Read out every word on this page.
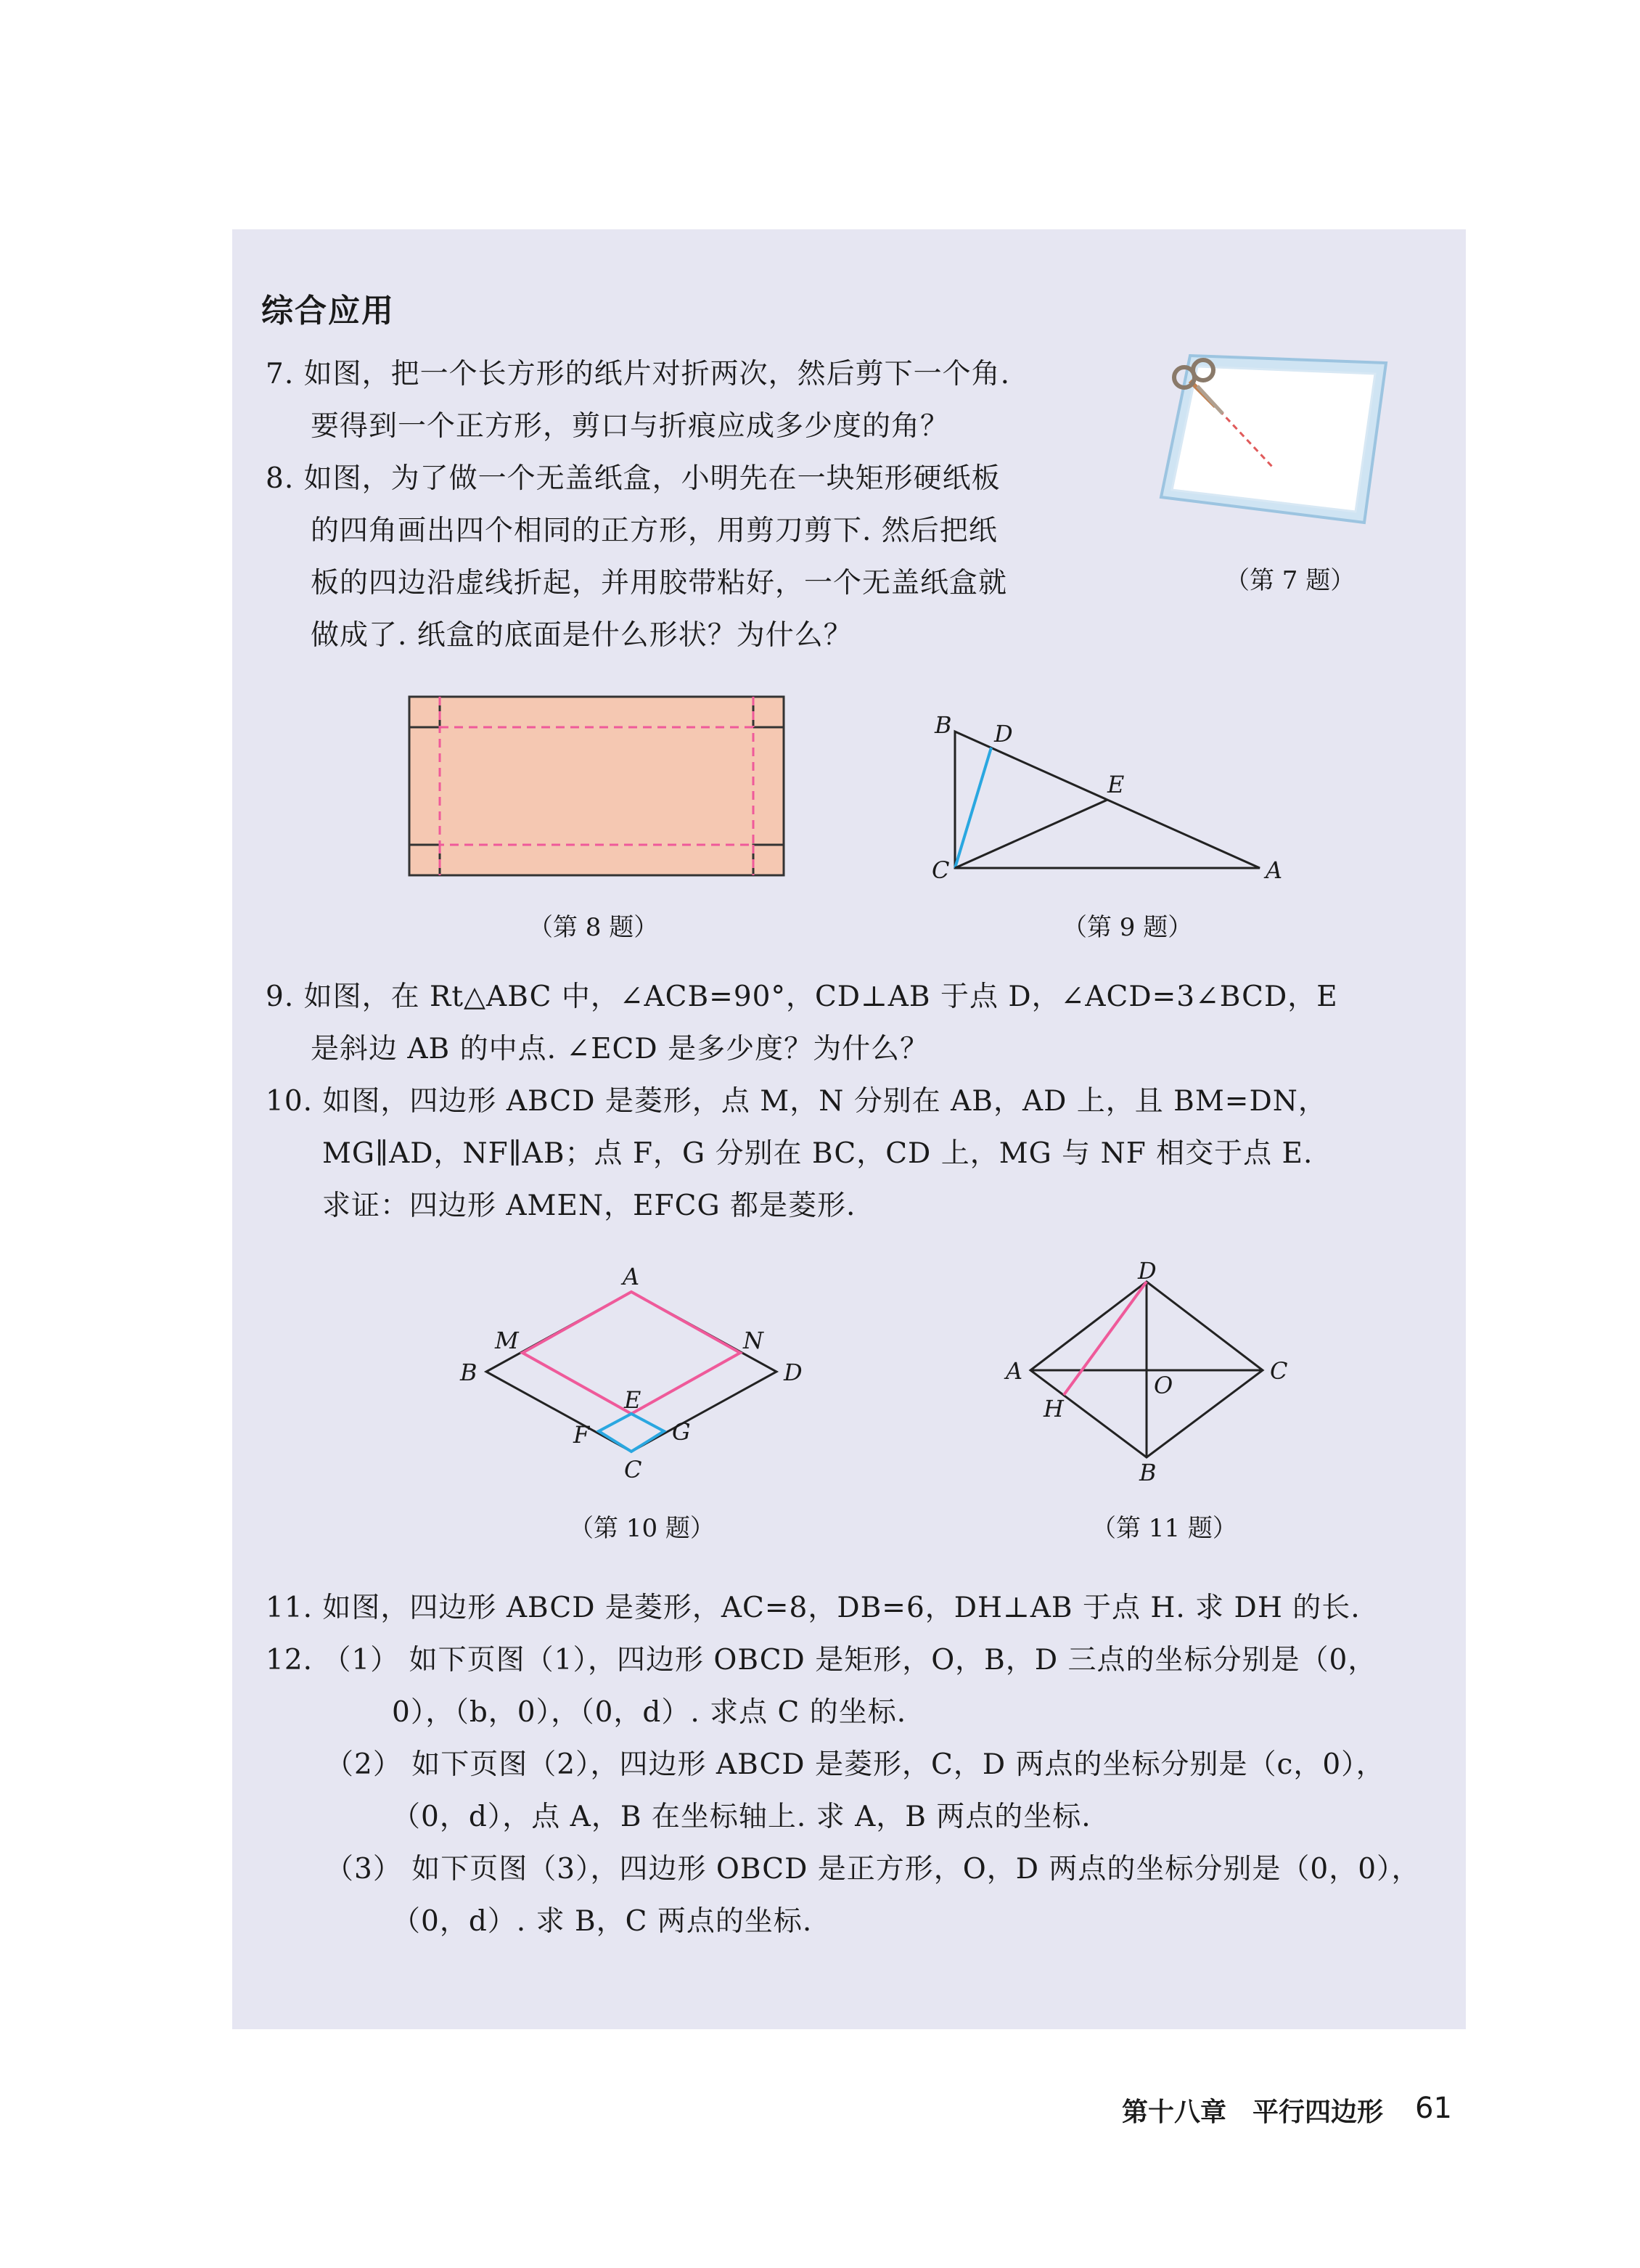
综合应用
7. 如图，把一个长方形的纸片对折两次，然后剪下一个角.
要得到一个正方形，剪口与折痕应成多少度的角？
8. 如图，为了做一个无盖纸盒，小明先在一块矩形硬纸板
的四角画出四个相同的正方形，用剪刀剪下. 然后把纸
板的四边沿虚线折起，并用胶带粘好，一个无盖纸盒就
做成了. 纸盒的底面是什么形状？为什么？
（第 7 题）
（第 8 题）
B D
E
C	A
（第 9 题）
9. 如图，在 Rt△ABC 中，∠ACB=90°，CD⊥AB 于点 D，∠ACD=3∠BCD，E
是斜边 AB 的中点. ∠ECD 是多少度？为什么？
10. 如图，四边形 ABCD 是菱形，点 M，N 分别在 AB，AD 上，且 BM=DN，
MG∥AD，NF∥AB；点 F，G 分别在 BC，CD 上，MG 与 NF 相交于点 E.
求证：四边形 AMEN，EFCG 都是菱形.
A
M	N
B	D
E
F	G
C
（第 10 题）
D
A	C
O
H
B
（第 11 题）
11. 如图，四边形 ABCD 是菱形，AC=8，DB=6，DH⊥AB 于点 H. 求 DH 的长.
12. （1） 如下页图（1），四边形 OBCD 是矩形，O，B，D 三点的坐标分别是（0，
0），（b，0），（0，d）. 求点 C 的坐标.
（2） 如下页图（2），四边形 ABCD 是菱形，C，D 两点的坐标分别是（c，0），
（0，d），点 A，B 在坐标轴上. 求 A，B 两点的坐标.
（3） 如下页图（3），四边形 OBCD 是正方形，O，D 两点的坐标分别是（0，0），
（0，d）. 求 B，C 两点的坐标.
第十八章　平行四边形 61
